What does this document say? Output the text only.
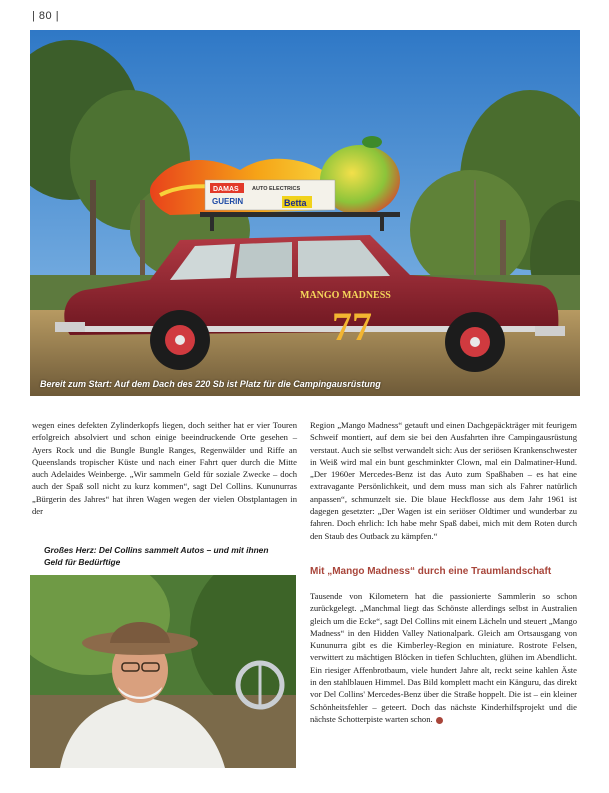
| 80 |
DAMAS
GUERIN	Betta
AUTO ELECTRICS
MANGO MADNESS
77
Bereit zum Start: Auf dem Dach des 220 Sb ist Platz für die Campingausrüstung

wegen eines defekten Zylinderkopfs liegen, doch seither hat er vier Touren erfolgreich absolviert und schon einige beeindruckende Orte gesehen – Ayers Rock und die Bungle Bungle Ranges, Regenwälder und Riffe an Queenslands tropischer Küste und nach einer Fahrt quer durch die Mitte auch Adelaides Weinberge. „Wir sammeln Geld für soziale Zwecke – doch auch der Spaß soll nicht zu kurz kommen“, sagt Del Collins. Kununurras „Bürgerin des Jahres“ hat ihren Wagen wegen der vielen Obstplantagen in der

Großes Herz: Del Collins sammelt Autos – und mit ihnen Geld für Bedürftige

Region „Mango Madness“ getauft und einen Dachgepäckträger mit feurigem Schweif montiert, auf dem sie bei den Ausfahrten ihre Campingausrüstung verstaut. Auch sie selbst verwandelt sich: Aus der seriösen Krankenschwester in Weiß wird mal ein bunt geschminkter Clown, mal ein Dalmatiner-Hund. „Der 1960er Mercedes-Benz ist das Auto zum Spaßhaben – es hat eine extravagante Persönlichkeit, und dem muss man sich als Fahrer natürlich anpassen“, schmunzelt sie. Die blaue Heckflosse aus dem Jahr 1961 ist dagegen gesetzter: „Der Wagen ist ein seriöser Oldtimer und wunderbar zu fahren. Doch ehrlich: Ich habe mehr Spaß dabei, mich mit dem Roten durch den Staub des Outback zu kämpfen.“

Mit „Mango Madness“ durch eine Traumlandschaft

Tausende von Kilometern hat die passionierte Sammlerin so schon zurückgelegt. „Manchmal liegt das Schönste allerdings selbst in Australien gleich um die Ecke“, sagt Del Collins mit einem Lächeln und steuert „Mango Madness“ in den Hidden Valley Nationalpark. Gleich am Ortsausgang von Kununurra gibt es die Kimberley-Region en miniature. Rostrote Felsen, verwittert zu mächtigen Blöcken in tiefen Schluchten, glühen im Abendlicht. Ein riesiger Affenbrotbaum, viele hundert Jahre alt, reckt seine kahlen Äste in den stahlblauen Himmel. Das Bild komplett macht ein Känguru, das direkt vor Del Collins' Mercedes-Benz über die Straße hoppelt. Die ist – ein kleiner Schönheitsfehler – geteert. Doch das nächste Kinderhilfsprojekt und die nächste Schotterpiste warten schon.
